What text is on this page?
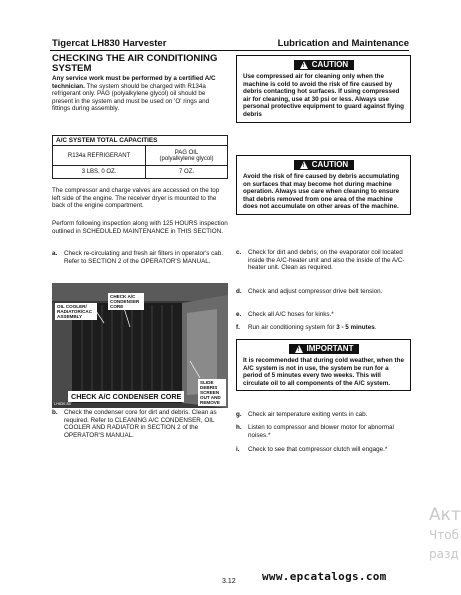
Tigercat LH830 Harvester	Lubrication and Maintenance
CHECKING THE AIR CONDITIONING SYSTEM
Any service work must be performed by a certified A/C technician. The system should be charged with R134a refrigerant only. PAG (polyalkylene glycol) oil should be present in the system and must be used on 'O' rings and fittings during assembly.
A/C SYSTEM TOTAL CAPACITIES	
R134a REFRIGERANT	PAG OIL
(polyalkylene glycol)

3 LBS. 0 OZ.	7 OZ.
The compressor and charge valves are accessed on the top left side of the engine. The receiver dryer is mounted to the back of the engine compartment.
Perform following inspection along with 125 HOURS inspection outlined in SCHEDULED MAINTENANCE in THIS SECTION.
a. Check re-circulating and fresh air filters in operator's cab. Refer to SECTION 2 of the OPERATOR'S MANUAL.
OIL COOLER/ RADIATOR/CAC ASSEMBLY
CHECK A/C CONDENSER CORE
SLIDE DEBRIS SCREEN OUT AND REMOVE
CHECK A/C CONDENSER CORE
LH830-85
b. Check the condenser core for dirt and debris. Clean as required. Refer to CLEANING A/C CONDENSER, OIL COOLER AND RADIATOR in SECTION 2 of the OPERATOR'S MANUAL.
! CAUTION
Use compressed air for cleaning only when the machine is cold to avoid the risk of fire caused by debris contacting hot surfaces. If using compressed air for cleaning, use at 30 psi or less. Always use personal protective equipment to guard against flying debris
! CAUTION
Avoid the risk of fire caused by debris accumulating on surfaces that may become hot during machine operation. Always use care when cleaning to ensure that debris removed from one area of the machine does not accumulate on other areas of the machine.
c. Check for dirt and debris; on the evaporator coil located inside the A/C-heater unit and also the inside of the A/C-heater unit. Clean as required.
d. Check and adjust compressor drive belt tension.
e. Check all A/C hoses for kinks.*
f. Run air conditioning system for 3 - 5 minutes.
! IMPORTANT
It is recommended that during cold weather, when the A/C system is not in use, the system be run for a period of 5 minutes every two weeks. This will circulate oil to all components of the A/C system.
g. Check air temperature exiting vents in cab.
h. Listen to compressor and blower motor for abnormal noises.*
i. Check to see that compressor clutch will engage.*
3.12 www.epcatalogs.com
Акт
Чтоб
разд
